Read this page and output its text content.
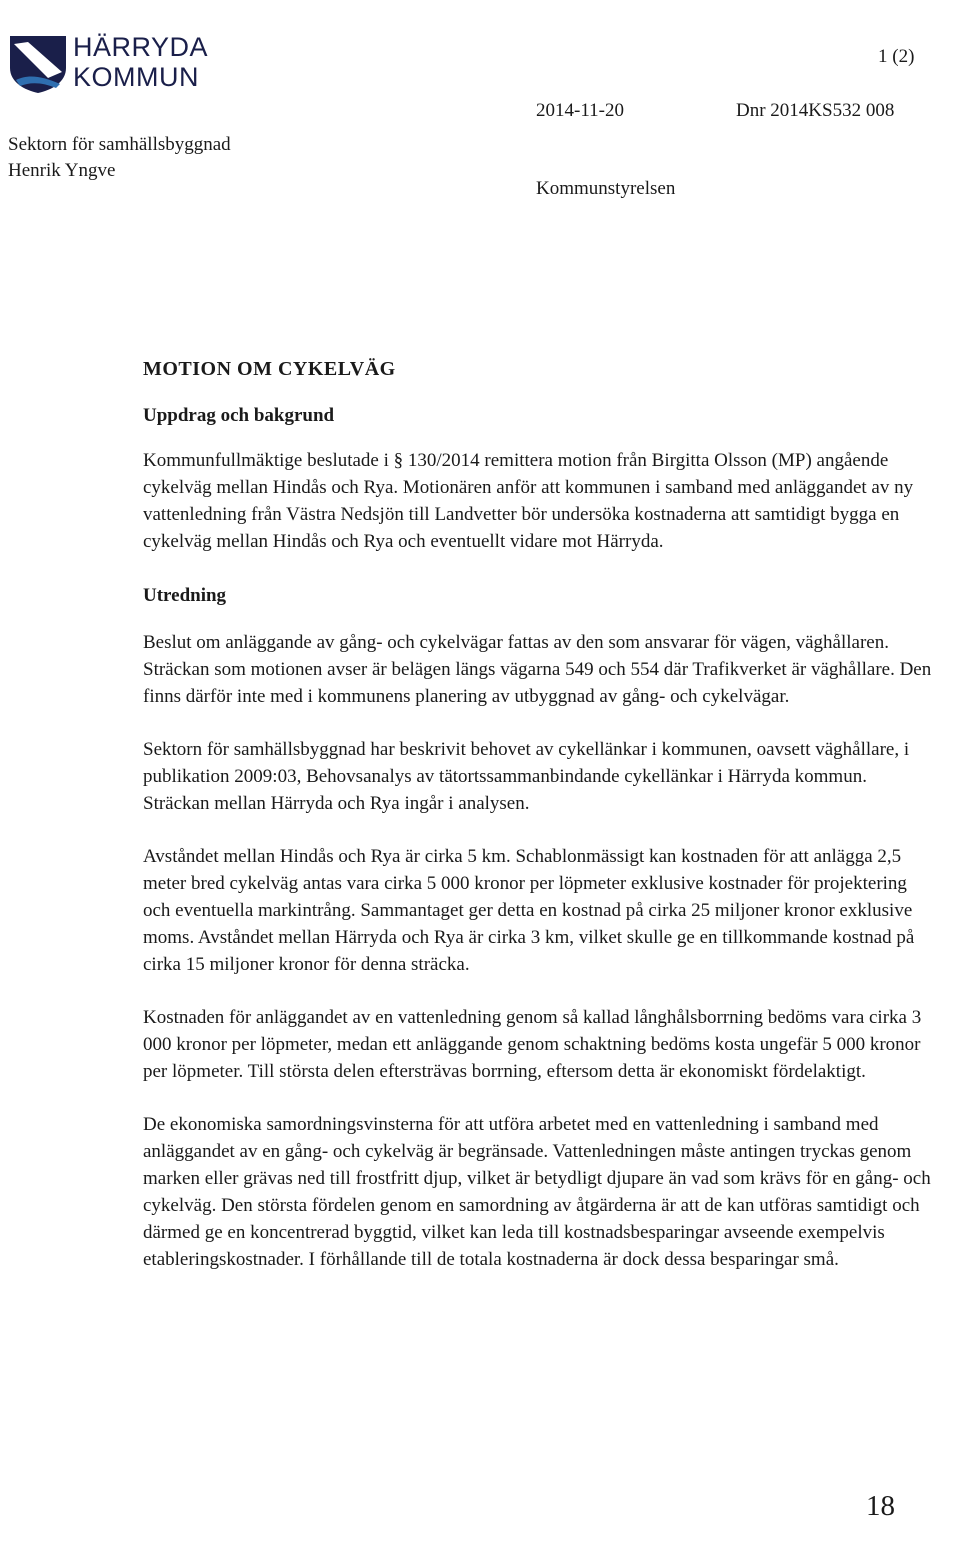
HÄRRYDA
KOMMUN
1 (2)
Sektorn för samhällsbyggnad
Henrik Yngve
2014-11-20	Dnr 2014KS532 008
Kommunstyrelsen
MOTION OM CYKELVÄG
Uppdrag och bakgrund

Kommunfullmäktige beslutade i § 130/2014 remittera motion från Birgitta Olsson (MP) angående cykelväg mellan Hindås och Rya. Motionären anför att kommunen i samband med anläggandet av ny vattenledning från Västra Nedsjön till Landvetter bör undersöka kostnaderna att samtidigt bygga en cykelväg mellan Hindås och Rya och eventuellt vidare mot Härryda.

Utredning

Beslut om anläggande av gång- och cykelvägar fattas av den som ansvarar för vägen, väghållaren. Sträckan som motionen avser är belägen längs vägarna 549 och 554 där Trafikverket är väghållare. Den finns därför inte med i kommunens planering av utbyggnad av gång- och cykelvägar.

Sektorn för samhällsbyggnad har beskrivit behovet av cykellänkar i kommunen, oavsett väghållare, i publikation 2009:03, Behovsanalys av tätortssammanbindande cykellänkar i Härryda kommun. Sträckan mellan Härryda och Rya ingår i analysen.

Avståndet mellan Hindås och Rya är cirka 5 km. Schablonmässigt kan kostnaden för att anlägga 2,5 meter bred cykelväg antas vara cirka 5 000 kronor per löpmeter exklusive kostnader för projektering och eventuella markintrång. Sammantaget ger detta en kostnad på cirka 25 miljoner kronor exklusive moms. Avståndet mellan Härryda och Rya är cirka 3 km, vilket skulle ge en tillkommande kostnad på cirka 15 miljoner kronor för denna sträcka.

Kostnaden för anläggandet av en vattenledning genom så kallad långhålsborrning bedöms vara cirka 3 000 kronor per löpmeter, medan ett anläggande genom schaktning bedöms kosta ungefär 5 000 kronor per löpmeter. Till största delen eftersträvas borrning, eftersom detta är ekonomiskt fördelaktigt.

De ekonomiska samordningsvinsterna för att utföra arbetet med en vattenledning i samband med anläggandet av en gång- och cykelväg är begränsade. Vattenledningen måste antingen tryckas genom marken eller grävas ned till frostfritt djup, vilket är betydligt djupare än vad som krävs för en gång- och cykelväg. Den största fördelen genom en samordning av åtgärderna är att de kan utföras samtidigt och därmed ge en koncentrerad byggtid, vilket kan leda till kostnadsbesparingar avseende exempelvis etableringskostnader. I förhållande till de totala kostnaderna är dock dessa besparingar små.

18
